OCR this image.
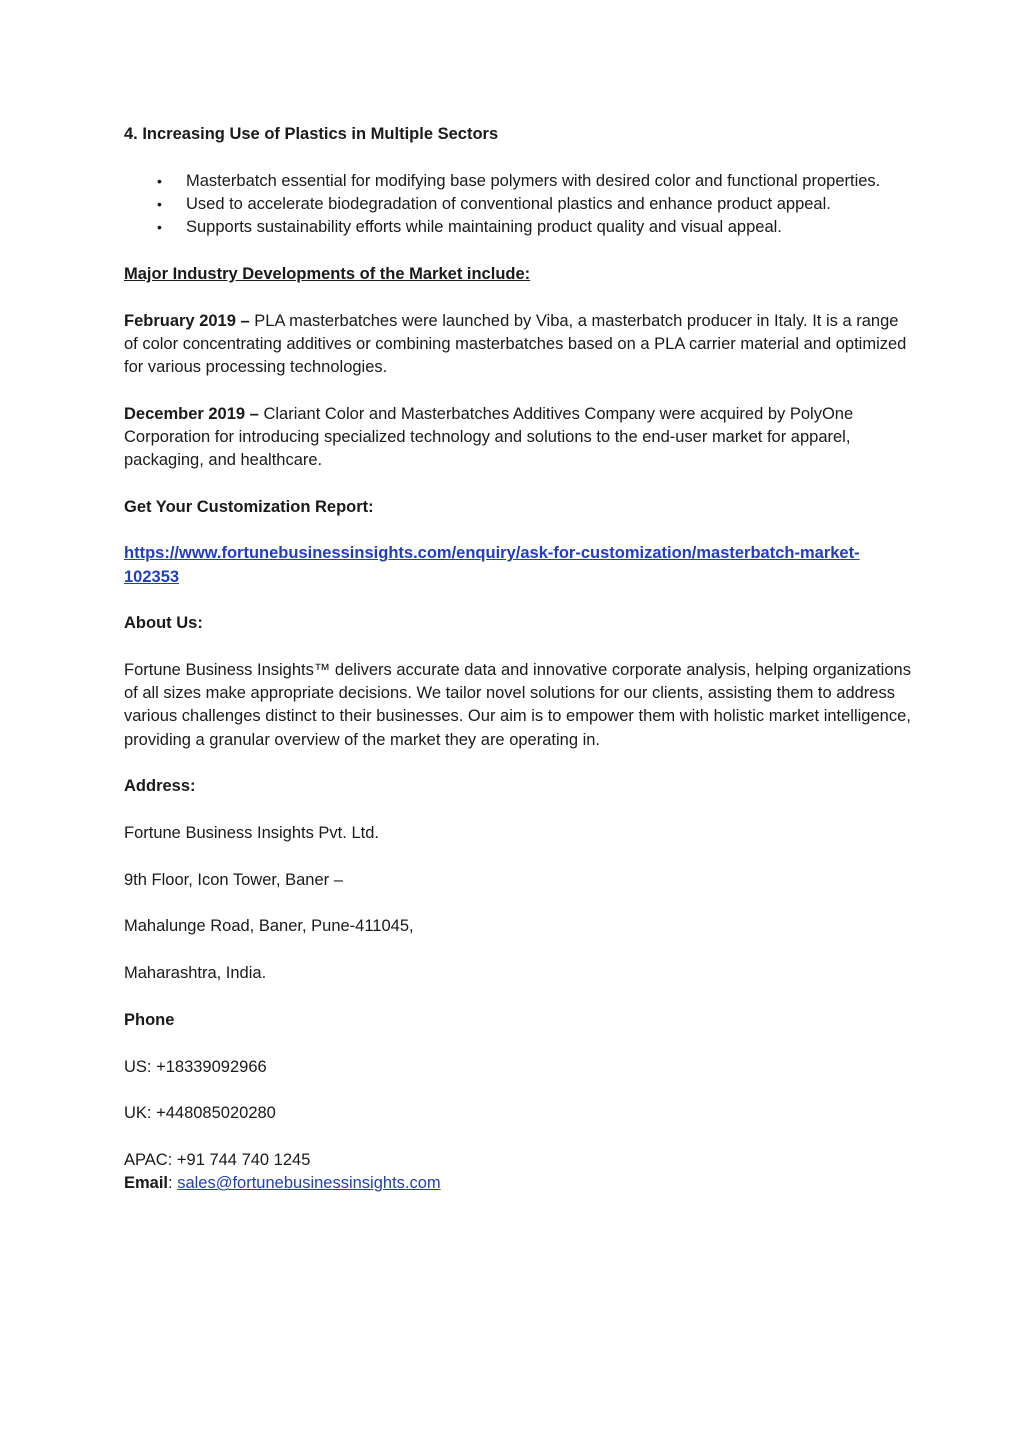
4. Increasing Use of Plastics in Multiple Sectors

• Masterbatch essential for modifying base polymers with desired color and functional properties.
• Used to accelerate biodegradation of conventional plastics and enhance product appeal.
• Supports sustainability efforts while maintaining product quality and visual appeal.

Major Industry Developments of the Market include:

February 2019 – PLA masterbatches were launched by Viba, a masterbatch producer in Italy. It is a range of color concentrating additives or combining masterbatches based on a PLA carrier material and optimized for various processing technologies.

December 2019 – Clariant Color and Masterbatches Additives Company were acquired by PolyOne Corporation for introducing specialized technology and solutions to the end-user market for apparel, packaging, and healthcare.

Get Your Customization Report:

https://www.fortunebusinessinsights.com/enquiry/ask-for-customization/masterbatch-market-102353

About Us:

Fortune Business Insights™ delivers accurate data and innovative corporate analysis, helping organizations of all sizes make appropriate decisions. We tailor novel solutions for our clients, assisting them to address various challenges distinct to their businesses. Our aim is to empower them with holistic market intelligence, providing a granular overview of the market they are operating in.

Address:

Fortune Business Insights Pvt. Ltd.

9th Floor, Icon Tower, Baner –

Mahalunge Road, Baner, Pune-411045,

Maharashtra, India.

Phone

US: +18339092966

UK: +448085020280

APAC: +91 744 740 1245

Email: sales@fortunebusinessinsights.com
